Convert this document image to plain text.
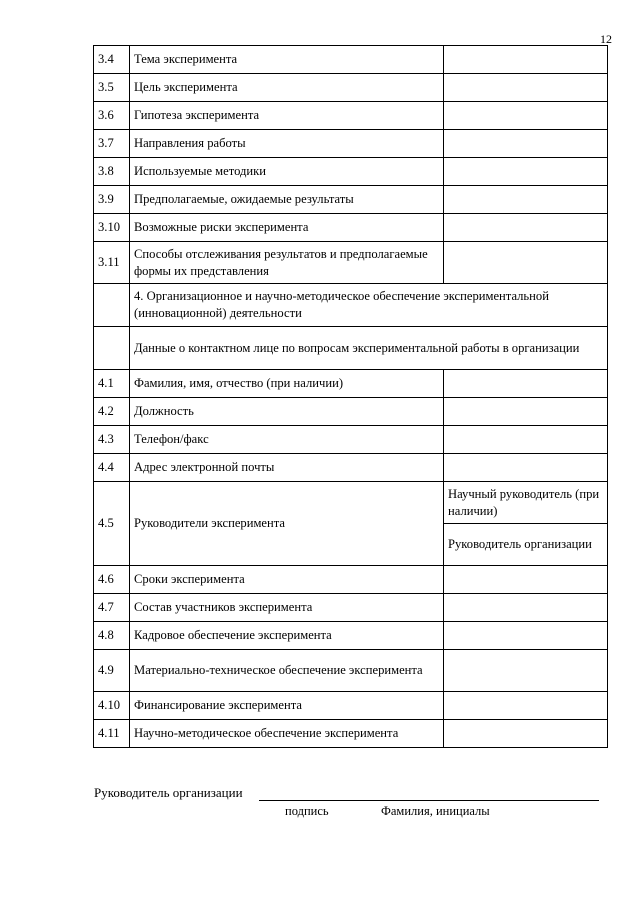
12
3.4	Тема эксперимента	
3.5	Цель эксперимента	
3.6	Гипотеза эксперимента	
3.7	Направления работы	
3.8	Используемые методики	
3.9	Предполагаемые, ожидаемые результаты	
3.10	Возможные риски эксперимента	
3.11	Способы отслеживания результатов и предполагаемые формы их представления	
	4. Организационное и научно-методическое обеспечение экспериментальной (инновационной) деятельности	
	Данные о контактном лице по вопросам экспериментальной работы в организации	
4.1	Фамилия, имя, отчество (при наличии)	
4.2	Должность	
4.3	Телефон/факс	
4.4	Адрес электронной почты	
4.5	Руководители эксперимента	Научный руководитель (при наличии)
		Руководитель организации
4.6	Сроки эксперимента	
4.7	Состав участников эксперимента	
4.8	Кадровое обеспечение эксперимента	
4.9	Материально-техническое обеспечение эксперимента	
4.10	Финансирование эксперимента	
4.11	Научно-методическое обеспечение эксперимента	
Руководитель организации
подпись	Фамилия, инициалы
